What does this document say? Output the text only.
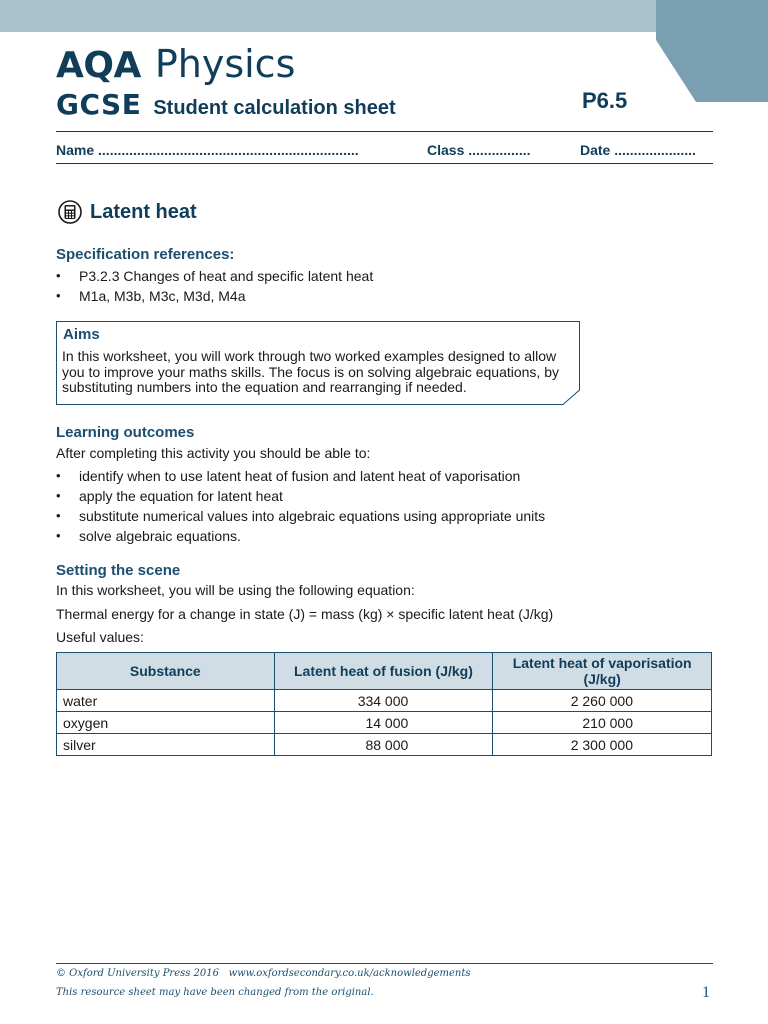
AQA Physics
GCSE Student calculation sheet	P6.5
Name ...................................................................	Class ................	Date .....................
Latent heat
Specification references:
• P3.2.3 Changes of heat and specific latent heat
• M1a, M3b, M3c, M3d, M4a
Aims
In this worksheet, you will work through two worked examples designed to allow you to improve your maths skills. The focus is on solving algebraic equations, by substituting numbers into the equation and rearranging if needed.
Learning outcomes
After completing this activity you should be able to:
• identify when to use latent heat of fusion and latent heat of vaporisation
• apply the equation for latent heat
• substitute numerical values into algebraic equations using appropriate units
• solve algebraic equations.
Setting the scene
In this worksheet, you will be using the following equation:
Thermal energy for a change in state (J) = mass (kg) × specific latent heat (J/kg)
Useful values:
Substance	Latent heat of fusion (J/kg)	Latent heat of vaporisation (J/kg)
water	334 000	2 260 000
oxygen	14 000	210 000
silver	88 000	2 300 000
© Oxford University Press 2016 www.oxfordsecondary.co.uk/acknowledgements
This resource sheet may have been changed from the original.	1
